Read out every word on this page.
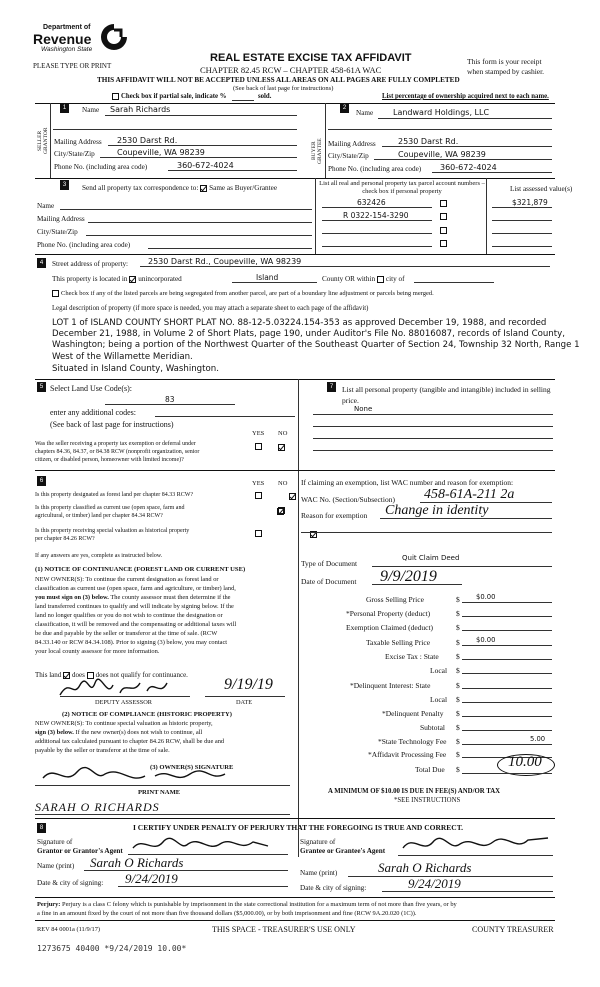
Department of
Revenue
Washington State
PLEASE TYPE OR PRINT
REAL ESTATE EXCISE TAX AFFIDAVIT
CHAPTER 82.45 RCW – CHAPTER 458-61A WAC
This form is your receipt
when stamped by cashier.
THIS AFFIDAVIT WILL NOT BE ACCEPTED UNLESS ALL AREAS ON ALL PAGES ARE FULLY COMPLETED
(See back of last page for instructions)
Check box if partial sale, indicate %	sold.	List percentage of ownership acquired next to each name.
1
SELLER GRANTOR
Name Sarah Richards
Mailing Address 2530 Darst Rd.
City/State/Zip	Coupeville, WA 98239
Phone No. (including area code)	360-672-4024
2
BUYER GRANTEE
Name Landward Holdings, LLC
Mailing Address	2530 Darst Rd.
City/State/Zip	Coupeville, WA 98239
Phone No. (including area code) 360-672-4024
3	Send all property tax correspondence to: Same as Buyer/Grantee
List all real and personal property tax parcel account numbers – check box if personal property	List assessed value(s)
Name
Mailing Address
City/State/Zip
Phone No. (including area code)
632426	$321,879
R 0322-154-3290
4	Street address of property: 2530 Darst Rd., Coupeville, WA 98239
This property is located in unincorporated	Island	County OR within city of
Check box if any of the listed parcels are being segregated from another parcel, are part of a boundary line adjustment or parcels being merged.
Legal description of property (if more space is needed, you may attach a separate sheet to each page of the affidavit)
LOT 1 of ISLAND COUNTY SHORT PLAT NO. 88-12-5.03224.154-353 as approved December 19, 1988, and recorded
December 21, 1988, in Volume 2 of Short Plats, page 190, under Auditor's File No. 88016087, records of Island County,
Washington; being a portion of the Northwest Quarter of the Southeast Quarter of Section 24, Township 32 North, Range 1
West of the Willamette Meridian.
Situated in Island County, Washington.
5 Select Land Use Code(s):
83
enter any additional codes:
(See back of last page for instructions)
YES NO
Was the seller receiving a property tax exemption or deferral under
chapters 84.36, 84.37, or 84.38 RCW (nonprofit organization, senior
citizen, or disabled person, homeowner with limited income)?

7	List all personal property (tangible and intangible) included in selling
price.
None
6	YES NO
Is this property designated as forest land per chapter 84.33 RCW?

Is this property classified as current use (open space, farm and
agricultural, or timber) land per chapter 84.34 RCW?

Is this property receiving special valuation as historical property
per chapter 84.26 RCW?
If any answers are yes, complete as instructed below.
(1) NOTICE OF CONTINUANCE (FOREST LAND OR CURRENT USE)
NEW OWNER(S): To continue the current designation as forest land or
classification as current use (open space, farm and agriculture, or timber) land,
you must sign on (3) below. The county assessor must then determine if the
land transferred continues to qualify and will indicate by signing below. If the
land no longer qualifies or you do not wish to continue the designation or
classification, it will be removed and the compensating or additional taxes will
be due and payable by the seller or transferor at the time of sale. (RCW
84.33.140 or RCW 84.34.108). Prior to signing (3) below, you may contact
your local county assessor for more information.
This land does does not qualify for continuance.
9/19/19
DEPUTY ASSESSOR	DATE
(2) NOTICE OF COMPLIANCE (HISTORIC PROPERTY)
NEW OWNER(S): To continue special valuation as historic property,
sign (3) below. If the new owner(s) does not wish to continue, all
additional tax calculated pursuant to chapter 84.26 RCW, shall be due and
payable by the seller or transferor at the time of sale.
(3) OWNER(S) SIGNATURE
PRINT NAME
SARAH O RICHARDS
If claiming an exemption, list WAC number and reason for exemption:
WAC No. (Section/Subsection) 458-61A-211 2a
Reason for exemption Change in identity
Type of Document
Quit Claim Deed
Date of Document 9/9/2019
Gross Selling Price	$ $0.00
*Personal Property (deduct)	$
Exemption Claimed (deduct)	$
Taxable Selling Price	$ $0.00
Excise Tax : State $
Local $
*Delinquent Interest: State	$
Local $
*Delinquent Penalty $
Subtotal $
*State Technology Fee $	5.00
*Affidavit Processing Fee $
Total Due $	10.00
A MINIMUM OF $10.00 IS DUE IN FEE(S) AND/OR TAX
*SEE INSTRUCTIONS
8	I CERTIFY UNDER PENALTY OF PERJURY THAT THE FOREGOING IS TRUE AND CORRECT.
Signature of
Grantor or Grantor's Agent
Name (print) Sarah O Richards
Date & city of signing: 9/24/2019
Signature of
Grantee or Grantee's Agent
Name (print)	Sarah O Richards
Date & city of signing:	9/24/2019
Perjury: Perjury is a class C felony which is punishable by imprisonment in the state correctional institution for a maximum term of not more than five years, or by
a fine in an amount fixed by the court of not more than five thousand dollars ($5,000.00), or by both imprisonment and fine (RCW 9A.20.020 (1C)).
REV 84 0001a (11/9/17)	THIS SPACE - TREASURER'S USE ONLY	COUNTY TREASURER
1273675 40400 *9/24/2019 10.00*
